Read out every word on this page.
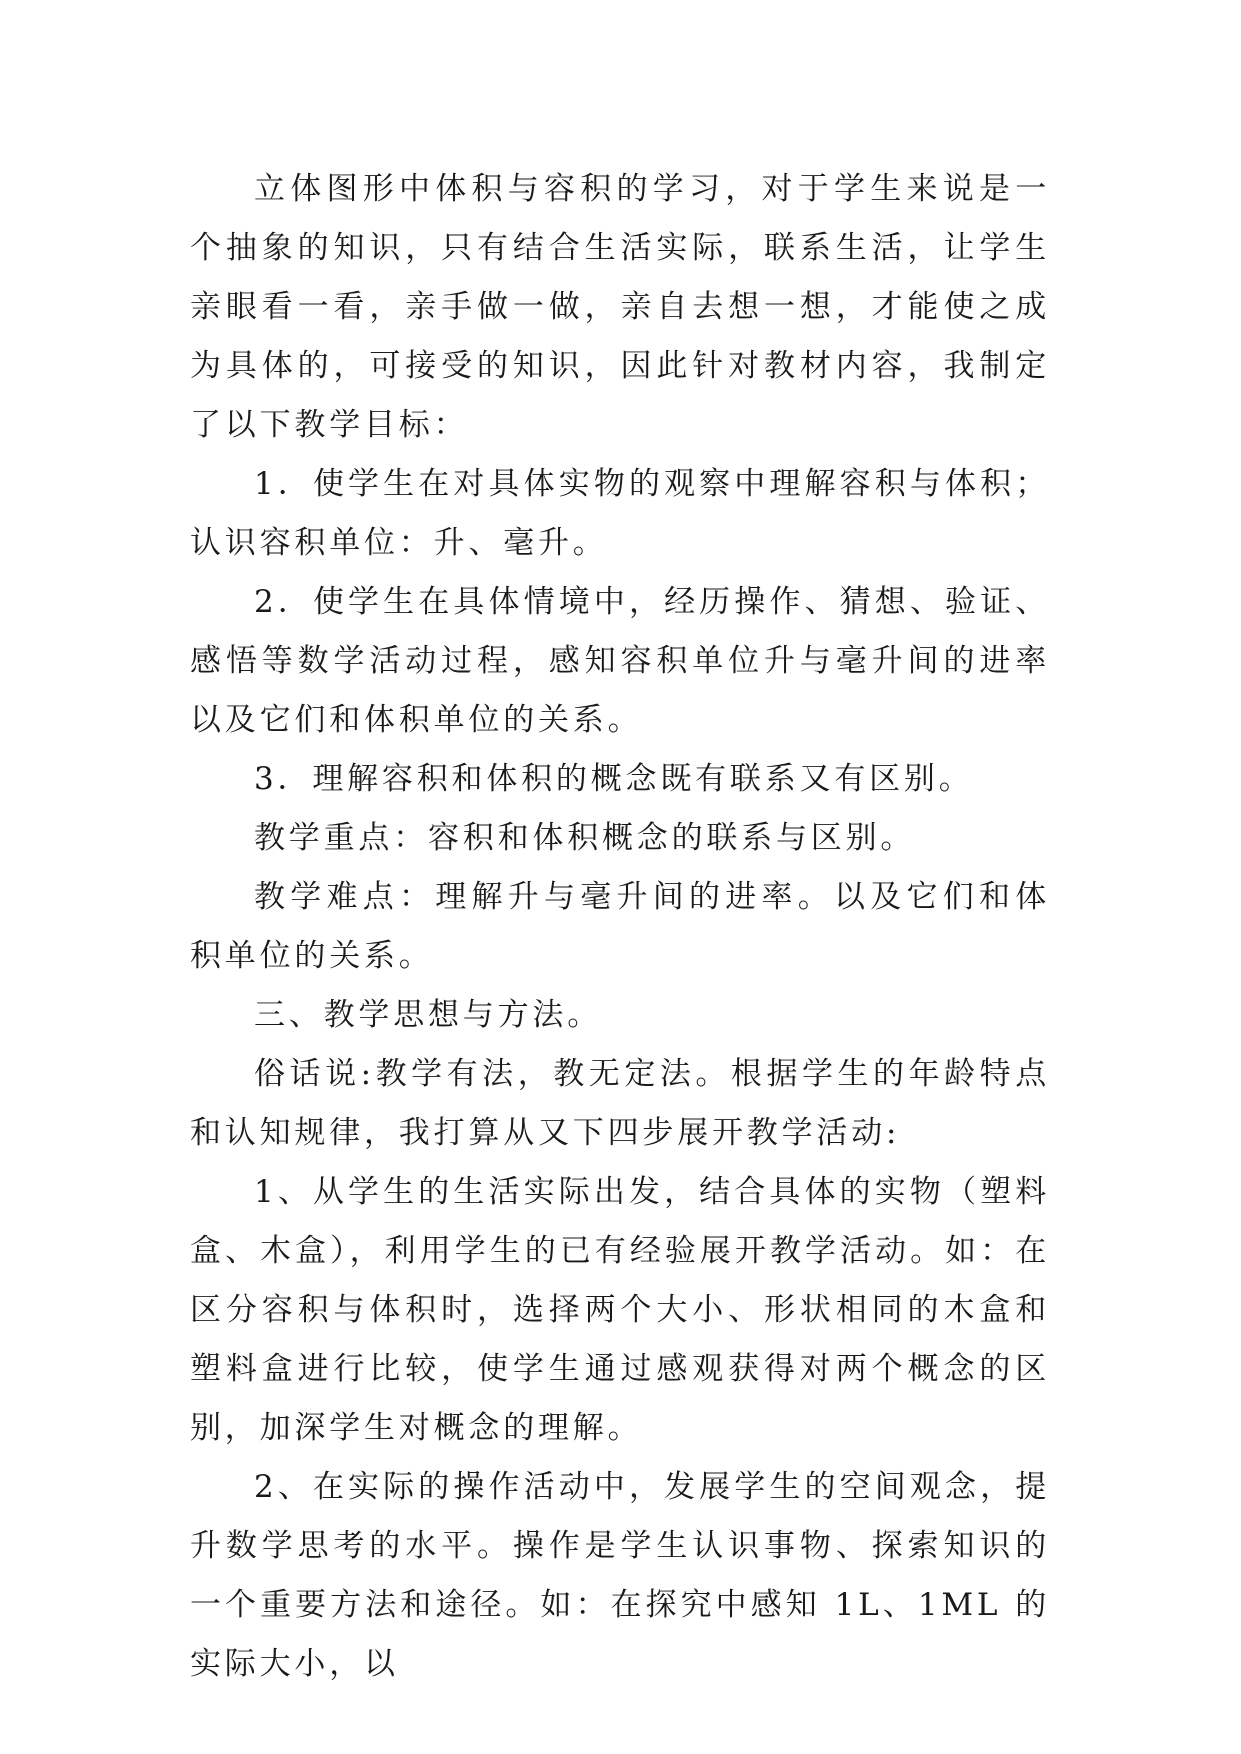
立体图形中体积与容积的学习，对于学生来说是一个抽象的知识，只有结合生活实际，联系生活，让学生亲眼看一看，亲手做一做，亲自去想一想，才能使之成为具体的，可接受的知识，因此针对教材内容，我制定了以下教学目标：

1．使学生在对具体实物的观察中理解容积与体积；认识容积单位：升、毫升。

2．使学生在具体情境中，经历操作、猜想、验证、感悟等数学活动过程，感知容积单位升与毫升间的进率以及它们和体积单位的关系。

3．理解容积和体积的概念既有联系又有区别。

教学重点：容积和体积概念的联系与区别。

教学难点：理解升与毫升间的进率。以及它们和体积单位的关系。

三、教学思想与方法。

俗话说:教学有法，教无定法。根据学生的年龄特点和认知规律，我打算从又下四步展开教学活动:

1、从学生的生活实际出发，结合具体的实物（塑料盒、木盒），利用学生的已有经验展开教学活动。如：在区分容积与体积时，选择两个大小、形状相同的木盒和塑料盒进行比较，使学生通过感观获得对两个概念的区别，加深学生对概念的理解。

2、在实际的操作活动中，发展学生的空间观念，提升数学思考的水平。操作是学生认识事物、探索知识的一个重要方法和途径。如：在探究中感知 1L、1ML 的实际大小，以
